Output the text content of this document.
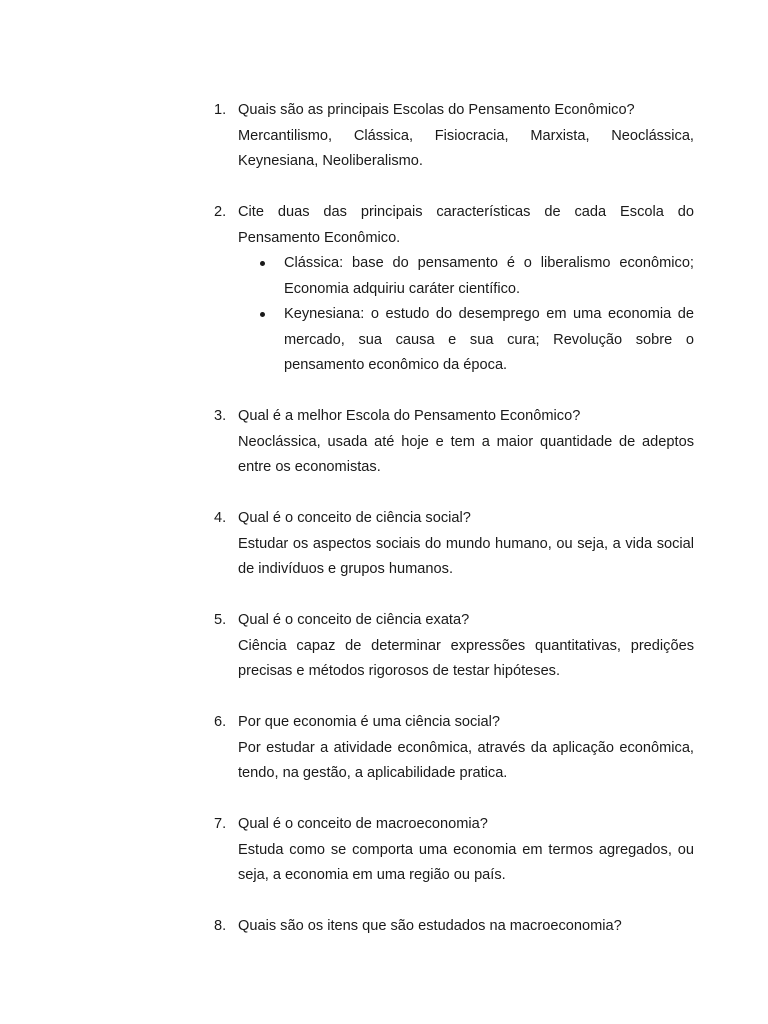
1. Quais são as principais Escolas do Pensamento Econômico?
Mercantilismo, Clássica, Fisiocracia, Marxista, Neoclássica, Keynesiana, Neoliberalismo.
2. Cite duas das principais características de cada Escola do Pensamento Econômico.
Clássica: base do pensamento é o liberalismo econômico; Economia adquiriu caráter científico.
Keynesiana: o estudo do desemprego em uma economia de mercado, sua causa e sua cura; Revolução sobre o pensamento econômico da época.
3. Qual é a melhor Escola do Pensamento Econômico?
Neoclássica, usada até hoje e tem a maior quantidade de adeptos entre os economistas.
4. Qual é o conceito de ciência social?
Estudar os aspectos sociais do mundo humano, ou seja, a vida social de indivíduos e grupos humanos.
5. Qual é o conceito de ciência exata?
Ciência capaz de determinar expressões quantitativas, predições precisas e métodos rigorosos de testar hipóteses.
6. Por que economia é uma ciência social?
Por estudar a atividade econômica, através da aplicação econômica, tendo, na gestão, a aplicabilidade pratica.
7. Qual é o conceito de macroeconomia?
Estuda como se comporta uma economia em termos agregados, ou seja, a economia em uma região ou país.
8. Quais são os itens que são estudados na macroeconomia?
